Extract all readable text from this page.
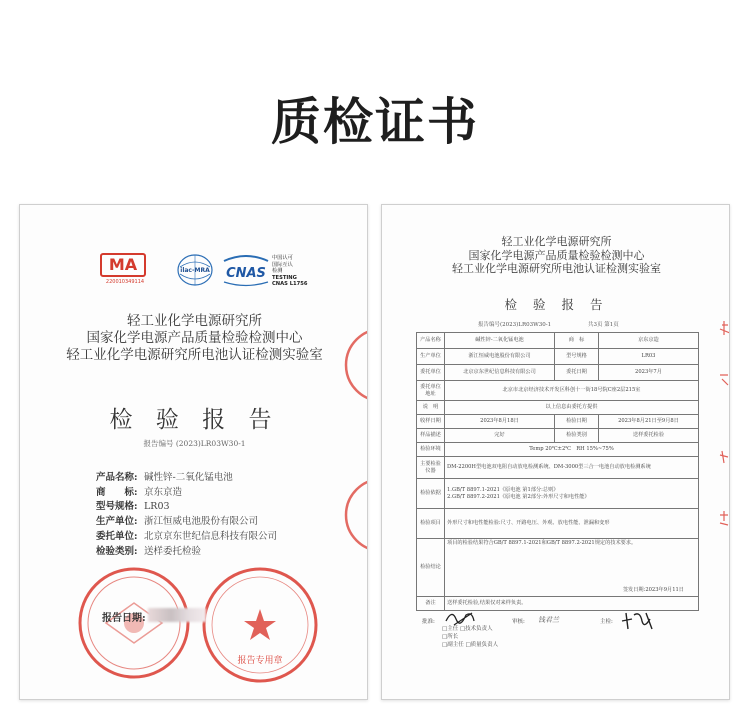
质检证书
MA
220010349114
ilac-MRA CNAS
中国认可
国际互认
检测
TESTING
CNAS L1756
轻工业化学电源研究所
国家化学电源产品质量检验检测中心
轻工业化学电源研究所电池认证检测实验室
检 验 报 告
报告编号 (2023)LR03W30-1
产品名称: 碱性锌-二氧化锰电池
商　　标: 京东京造
型号规格: LR03
生产单位: 浙江恒威电池股份有限公司
委托单位: 北京京东世纪信息科技有限公司
检验类别: 送样委托检验
报告专用章
报告日期:
轻工业化学电源研究所
国家化学电源产品质量检验检测中心
轻工业化学电源研究所电池认证检测实验室
检 验 报 告
报告编号(2023)LR03W30-1	共3页 第1页
产品名称	碱性锌-二氧化锰电池	商　标	京东京造
生产单位	浙江恒威电池股份有限公司	型号规格	LR03
委托单位	北京京东世纪信息科技有限公司	委托日期	2023年7月
委托单位地址	北京市北京经济技术开发区科创十一街18号院C座2层215室		
说　明	以上信息由委托方提供		
收样日期	2023年8月18日	检验日期	2023年8月21日至9月8日
样品描述	完好	检验类别	送样委托检验
检验环境	Temp 20℃±2℃　RH 15%~75%		
主要检验仪器	DM-2200H型电池双电阻自动放电检测系统、DM-3000型三合一电池自动放电检测系统		
检验依据	1.GB/T 8897.1-2021《原电池 第1部分:总则》
2.GB/T 8897.2-2021《原电池 第2部分:外形尺寸和电性能》		

检验项目	外形尺寸和电性能检验:尺寸、开路电压、外观、放电性能、泄漏和变形		
检验结论	项目的检验结果符合GB/T 8897.1-2021和GB/T 8897.2-2021规定的技术要求。
签发日期:2023年9月11日		

备注	送样委托检验,结果仅对来样负责。		
批准:
□主任 □技术负责人
□所长
□副主任 □质量负责人
审核: 钱君兰	主检:
